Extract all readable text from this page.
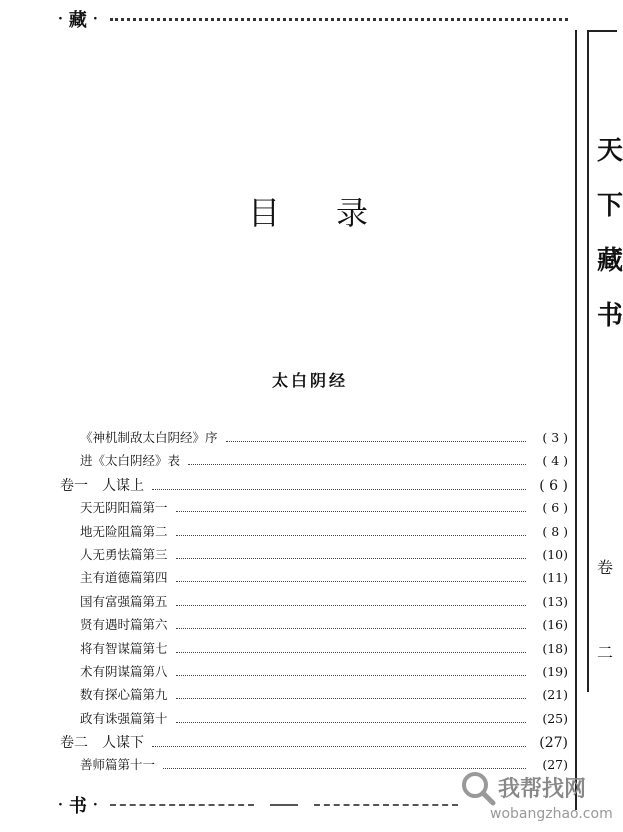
· 藏 ·
目录
太白阴经
《神机制敌太白阴经》序	( 3 )
进《太白阴经》表	( 4 )
卷一　人谋上	( 6 )
天无阴阳篇第一	( 6 )
地无险阻篇第二	( 8 )
人无勇怯篇第三	(10)
主有道德篇第四	(11)
国有富强篇第五	(13)
贤有遇时篇第六	(16)
将有智谋篇第七	(18)
术有阴谋篇第八	(19)
数有探心篇第九	(21)
政有诛强篇第十	(25)
卷二　人谋下	(27)
善师篇第十一	(27)
· 书 ·
天
下
藏
书
卷
二
我帮找网
wobangzhao.com
